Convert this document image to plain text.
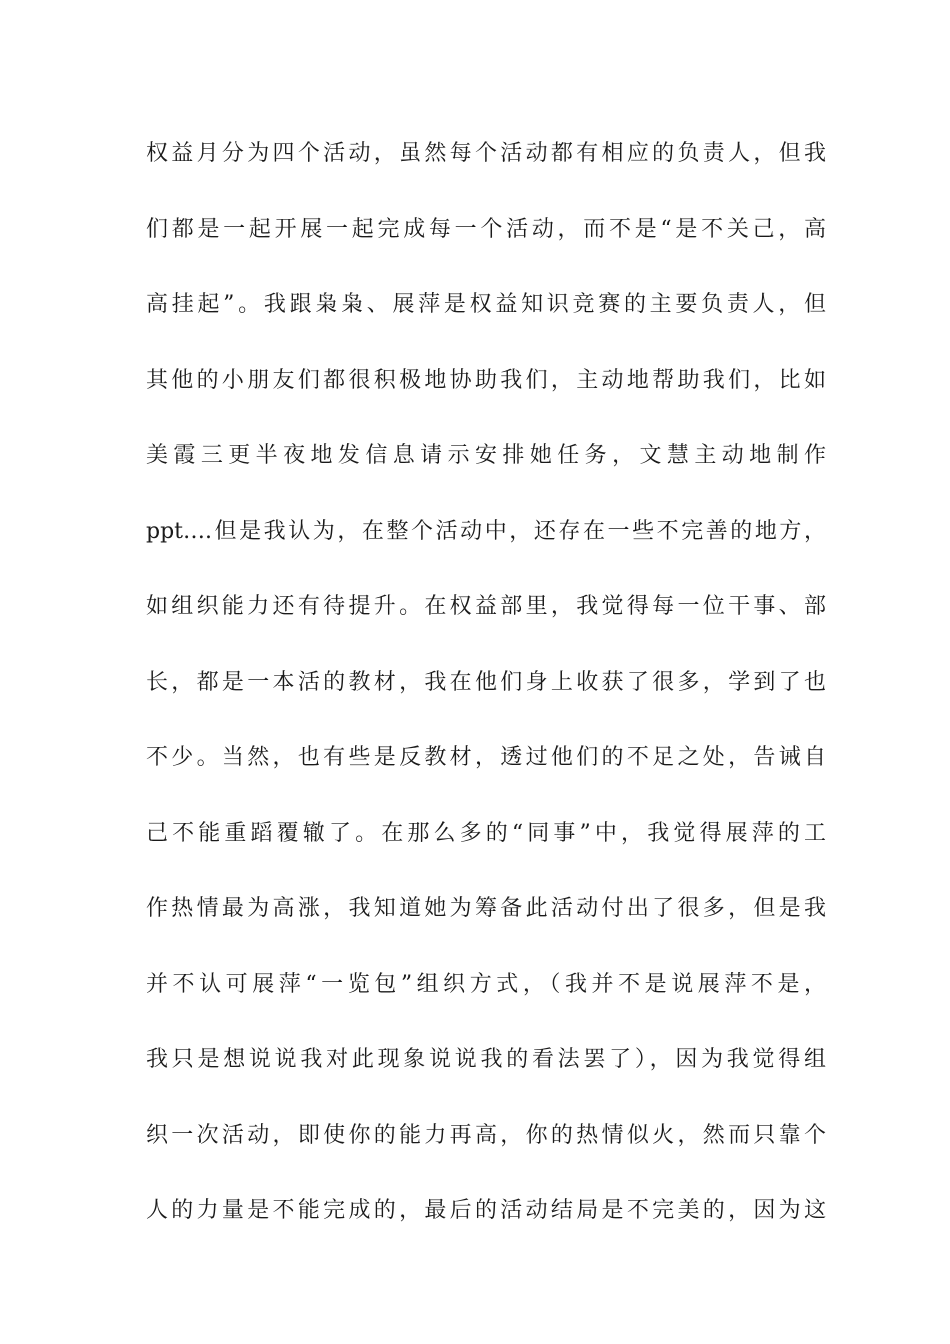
权益月分为四个活动，虽然每个活动都有相应的负责人，但我
们都是一起开展一起完成每一个活动，而不是“是不关己，高
高挂起”。我跟枭枭、展萍是权益知识竞赛的主要负责人，但
其他的小朋友们都很积极地协助我们，主动地帮助我们，比如
美霞三更半夜地发信息请示安排她任务，文慧主动地制作
ppt….但是我认为，在整个活动中，还存在一些不完善的地方，
如组织能力还有待提升。在权益部里，我觉得每一位干事、部
长，都是一本活的教材，我在他们身上收获了很多，学到了也
不少。当然，也有些是反教材，透过他们的不足之处，告诫自
己不能重蹈覆辙了。在那么多的“同事”中，我觉得展萍的工
作热情最为高涨，我知道她为筹备此活动付出了很多，但是我
并不认可展萍“一览包”组织方式，（我并不是说展萍不是，
我只是想说说我对此现象说说我的看法罢了），因为我觉得组
织一次活动，即使你的能力再高，你的热情似火，然而只靠个
人的力量是不能完成的，最后的活动结局是不完美的，因为这
